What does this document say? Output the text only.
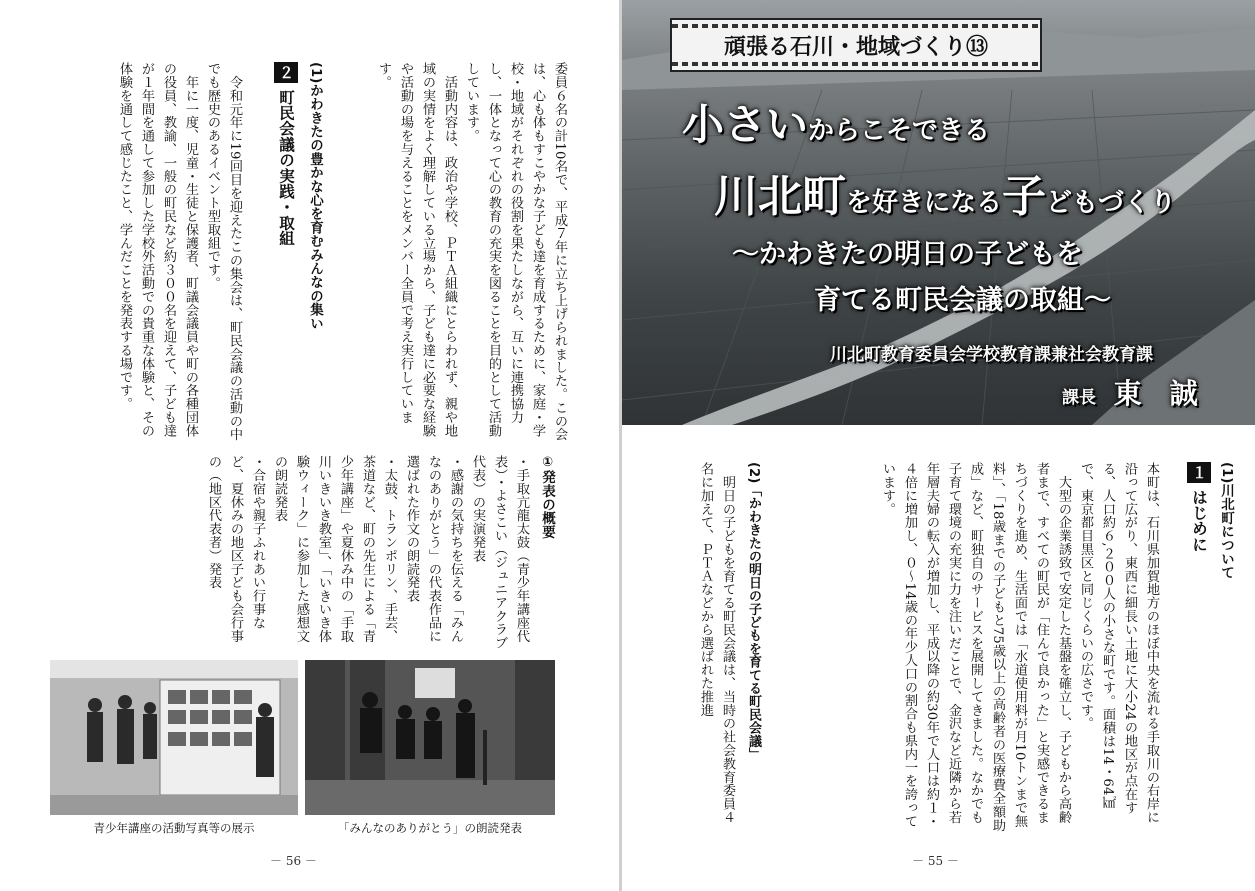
委員６名の計10名で、平成７年に立ち上げられました。この会は、心も体もすこやかな子ども達を育成するために、家庭・学校・地域がそれぞれの役割を果たしながら、互いに連携協力し、一体となって心の教育の充実を図ることを目的として活動しています。
　活動内容は、政治や学校、ＰＴＡ組織にとらわれず、親や地域の実情をよく理解している立場から、子ども達に必要な経験や活動の場を与えることをメンバー全員で考え実行しています。
２町民会議の実践・取組
(1)かわきたの豊かな心を育むみんなの集い
　令和元年に19回目を迎えたこの集会は、町民会議の活動の中でも歴史のあるイベント型取組です。
　年に一度、児童・生徒と保護者、町議会議員や町の各種団体の役員、教諭、一般の町民など約３００名を迎えて、子ども達が１年間を通して参加した学校外活動での貴重な体験と、その体験を通して感じたこと、学んだことを発表する場です。
①発表の概要
・手取亢龍太鼓（青少年講座代表）・よさこい（ジュニアクラブ代表）の実演発表
・感謝の気持ちを伝える「みんなのありがとう」の代表作品に選ばれた作文の朗読発表
・太鼓、トランポリン、手芸、茶道など、町の先生による「青少年講座」や夏休み中の「手取川いきいき教室」、「いきいき体験ウィーク」に参加した感想文の朗読発表
・合宿や親子ふれあい行事など、夏休みの地区子ども会行事の（地区代表者）発表
青少年講座の活動写真等の展示	「みんなのありがとう」の朗読発表
－ 56 －
頑張る石川・地域づくり⑬
小さいからこそできる
川北町を好きになる子どもづくり
〜かわきたの明日の子どもを
育てる町民会議の取組〜
川北町教育委員会学校教育課兼社会教育課
課長 東　誠
１はじめに
(1)川北町について
本町は、石川県加賀地方のほぼ中央を流れる手取川の右岸に沿って広がり、東西に細長い土地に大小24の地区が点在する、人口約６,２００人の小さな町です。面積は14・64㎢で、東京都目黒区と同じくらいの広さです。
　大型の企業誘致で安定した基盤を確立し、子どもから高齢者まで、すべての町民が「住んで良かった」と実感できるまちづくりを進め、生活面では「水道使用料が月10トンまで無料」、「18歳までの子どもと75歳以上の高齢者の医療費全額助成」など、町独自のサービスを展開してきました。なかでも子育て環境の充実に力を注いだことで、金沢など近隣から若年層夫婦の転入が増加し、平成以降の約30年で人口は約１・４倍に増加し、０〜14歳の年少人口の割合も県内一を誇っています。
(2)「かわきたの明日の子どもを育てる町民会議」
　明日の子どもを育てる町民会議は、当時の社会教育委員４名に加えて、ＰＴＡなどから選ばれた推進
－ 55 －
